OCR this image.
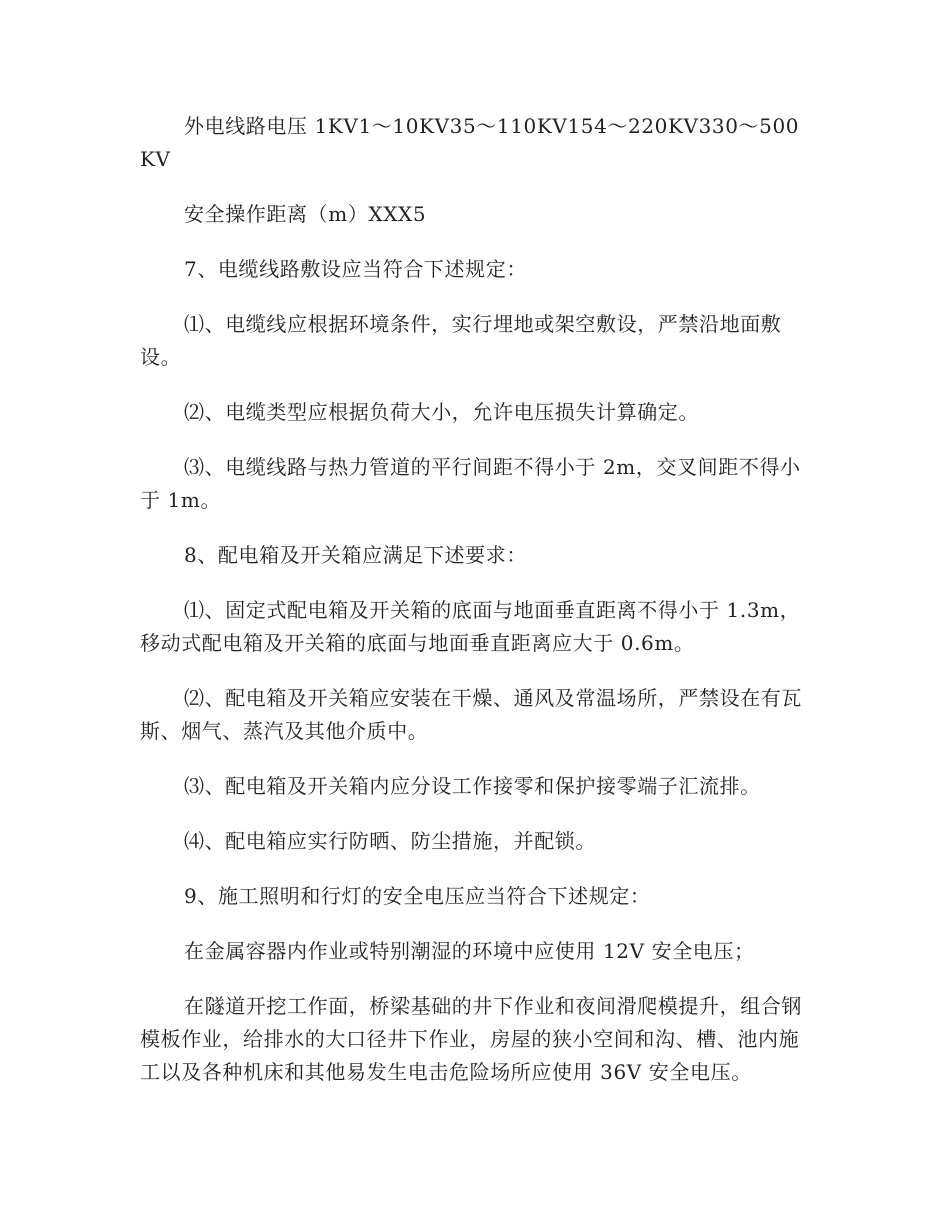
外电线路电压 1KV1～10KV35～110KV154～220KV330～500KV

安全操作距离（m）XXX5

7、电缆线路敷设应当符合下述规定：

⑴、电缆线应根据环境条件，实行埋地或架空敷设，严禁沿地面敷设。

⑵、电缆类型应根据负荷大小，允许电压损失计算确定。

⑶、电缆线路与热力管道的平行间距不得小于 2m，交叉间距不得小于 1m。

8、配电箱及开关箱应满足下述要求：

⑴、固定式配电箱及开关箱的底面与地面垂直距离不得小于 1.3m，移动式配电箱及开关箱的底面与地面垂直距离应大于 0.6m。

⑵、配电箱及开关箱应安装在干燥、通风及常温场所，严禁设在有瓦斯、烟气、蒸汽及其他介质中。

⑶、配电箱及开关箱内应分设工作接零和保护接零端子汇流排。

⑷、配电箱应实行防晒、防尘措施，并配锁。

9、施工照明和行灯的安全电压应当符合下述规定：

在金属容器内作业或特别潮湿的环境中应使用 12V 安全电压；

在隧道开挖工作面，桥梁基础的井下作业和夜间滑爬模提升，组合钢模板作业，给排水的大口径井下作业，房屋的狭小空间和沟、槽、池内施工以及各种机床和其他易发生电击危险场所应使用 36V 安全电压。
